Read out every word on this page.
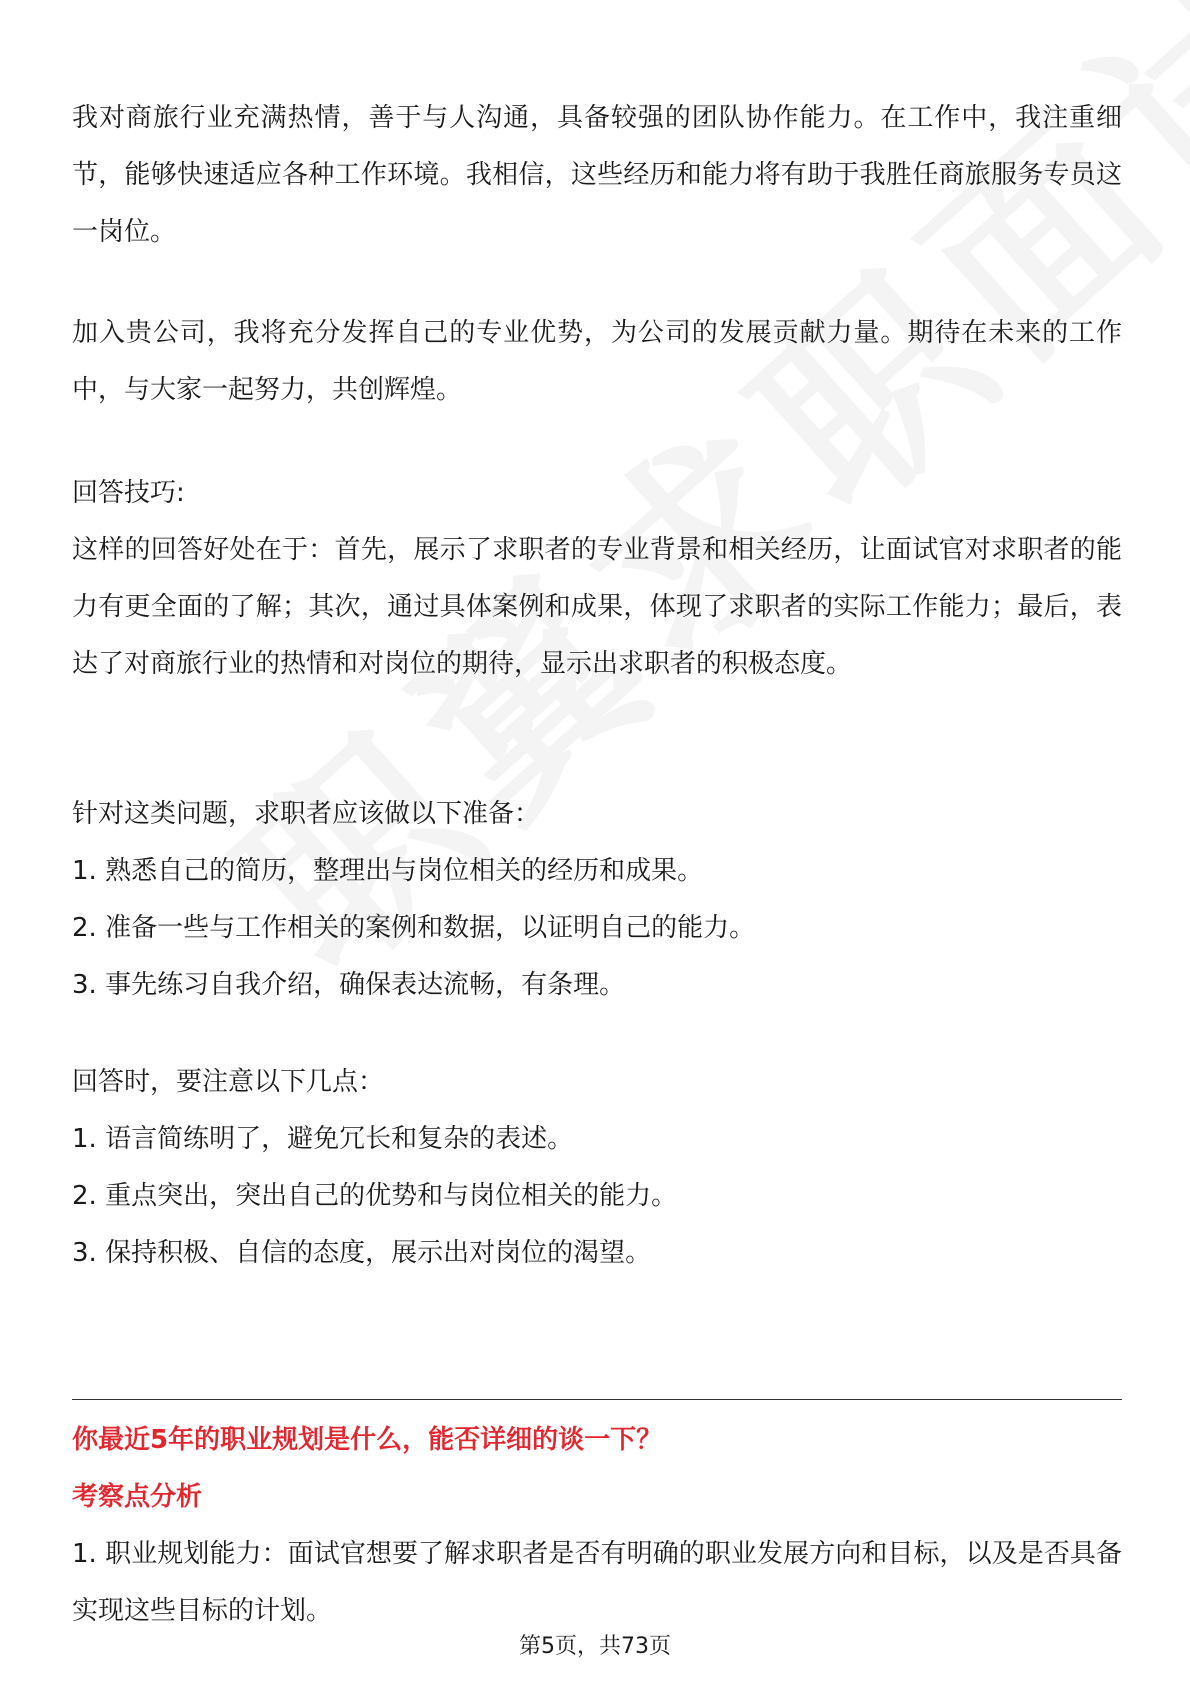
我对商旅行业充满热情，善于与人沟通，具备较强的团队协作能力。在工作中，我注重细节，能够快速适应各种工作环境。我相信，这些经历和能力将有助于我胜任商旅服务专员这一岗位。

加入贵公司，我将充分发挥自己的专业优势，为公司的发展贡献力量。期待在未来的工作中，与大家一起努力，共创辉煌。

回答技巧:

这样的回答好处在于：首先，展示了求职者的专业背景和相关经历，让面试官对求职者的能力有更全面的了解；其次，通过具体案例和成果，体现了求职者的实际工作能力；最后，表达了对商旅行业的热情和对岗位的期待，显示出求职者的积极态度。

针对这类问题，求职者应该做以下准备：

1. 熟悉自己的简历，整理出与岗位相关的经历和成果。

2. 准备一些与工作相关的案例和数据，以证明自己的能力。

3. 事先练习自我介绍，确保表达流畅，有条理。

回答时，要注意以下几点：

1. 语言简练明了，避免冗长和复杂的表述。

2. 重点突出，突出自己的优势和与岗位相关的能力。

3. 保持积极、自信的态度，展示出对岗位的渴望。

你最近5年的职业规划是什么，能否详细的谈一下？

考察点分析

1. 职业规划能力：面试官想要了解求职者是否有明确的职业发展方向和目标，以及是否具备实现这些目标的计划。

第5页，共73页
